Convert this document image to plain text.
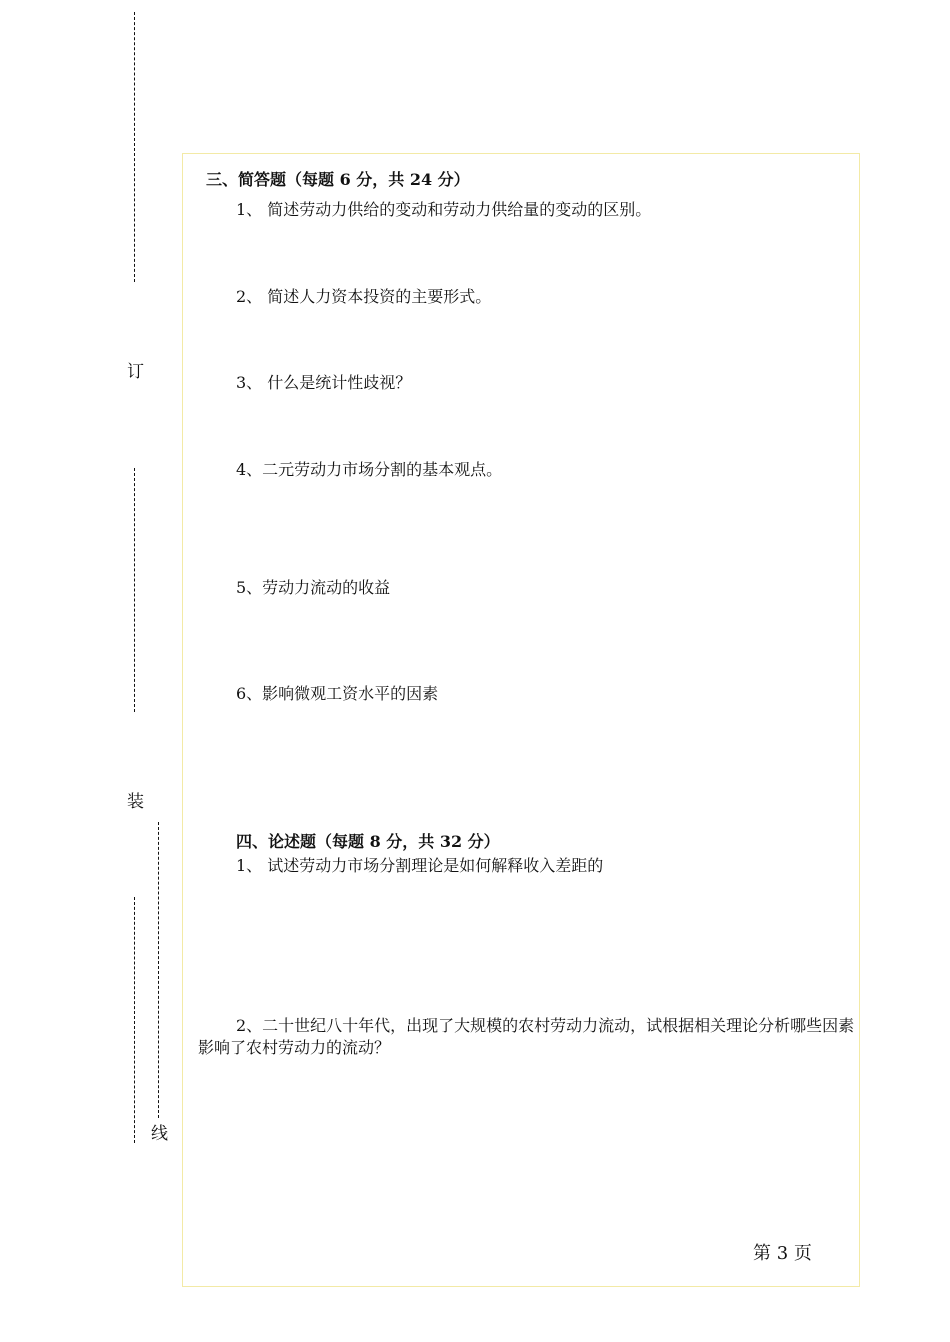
订
装
线
三、简答题（每题 6 分，共 24 分）
1、 简述劳动力供给的变动和劳动力供给量的变动的区别。
2、 简述人力资本投资的主要形式。
3、 什么是统计性歧视？
4、二元劳动力市场分割的基本观点。
5、劳动力流动的收益
6、影响微观工资水平的因素
四、论述题（每题 8 分，共 32 分）
1、 试述劳动力市场分割理论是如何解释收入差距的
2、二十世纪八十年代，出现了大规模的农村劳动力流动，试根据相关理论分析哪些因素影响了农村劳动力的流动？
第 3 页
